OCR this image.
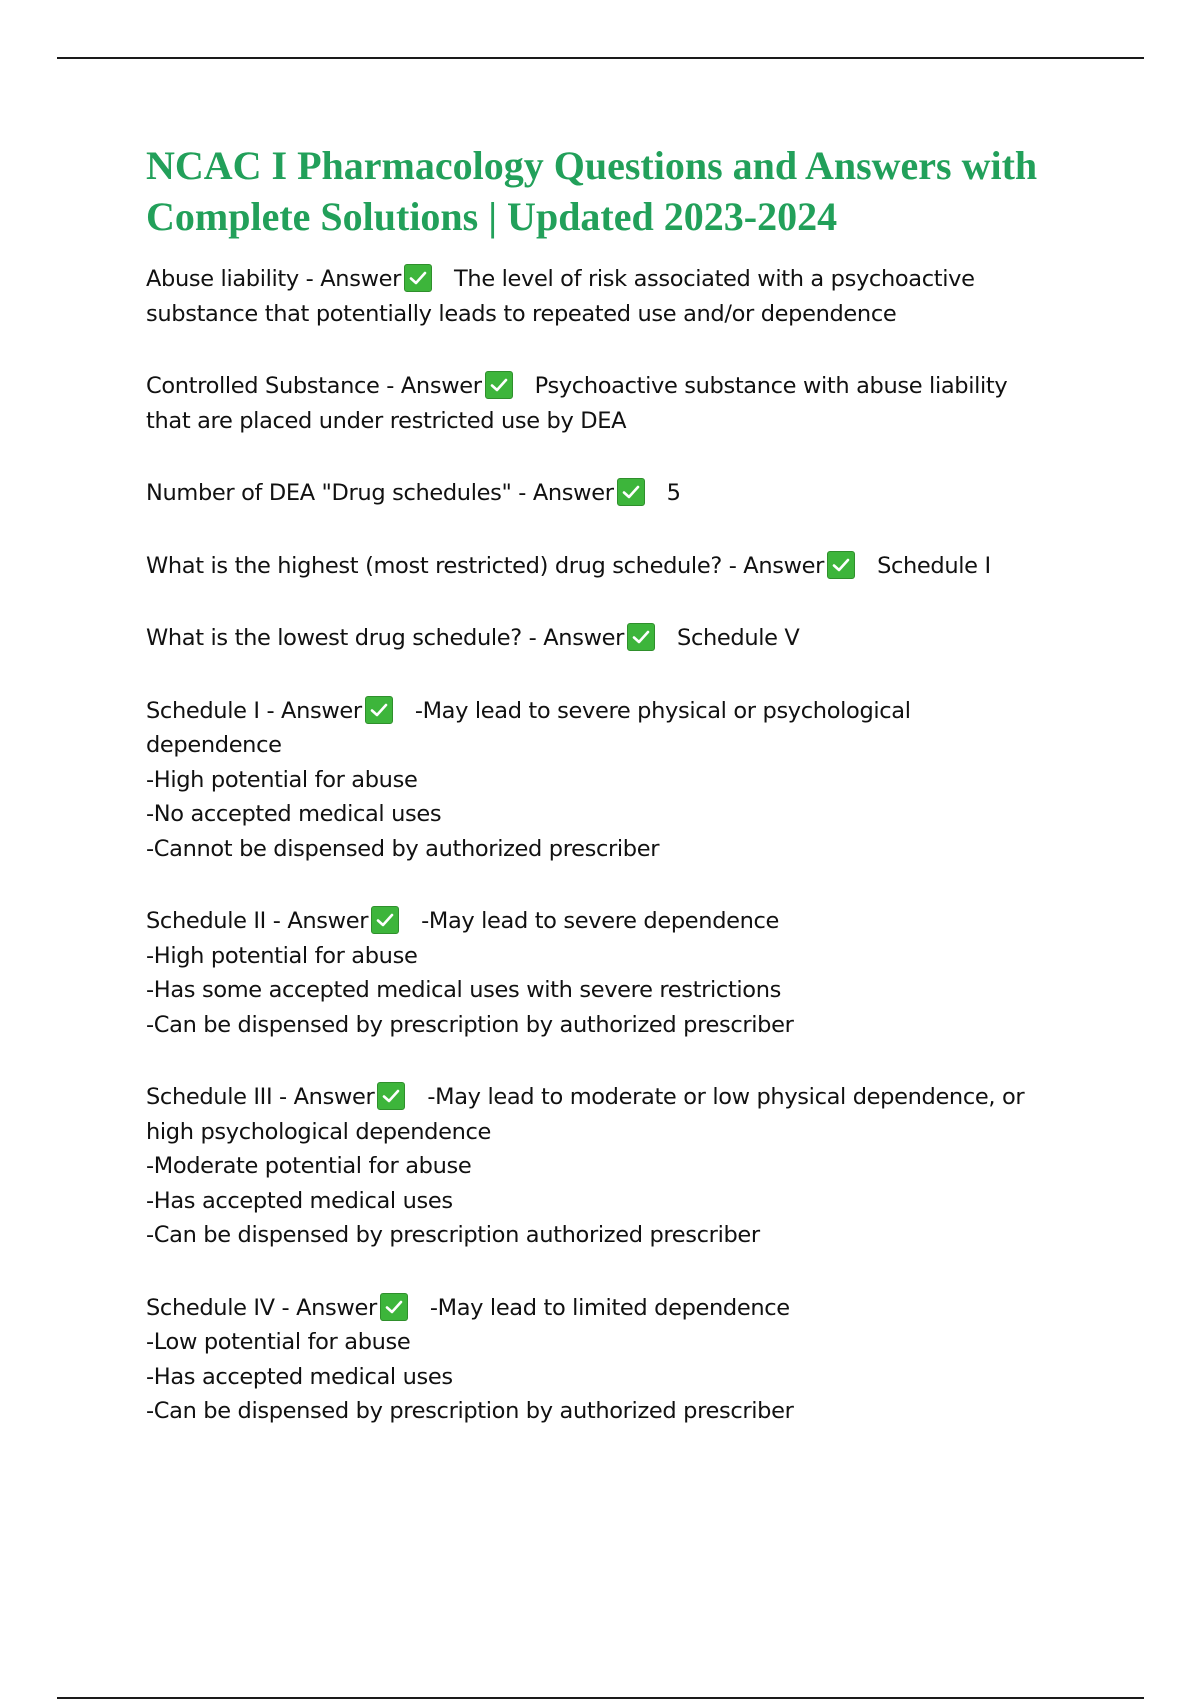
NCAC I Pharmacology Questions and Answers with
Complete Solutions | Updated 2023-2024
Abuse liability - Answer The level of risk associated with a psychoactive
substance that potentially leads to repeated use and/or dependence
Controlled Substance - Answer Psychoactive substance with abuse liability
that are placed under restricted use by DEA
Number of DEA "Drug schedules" - Answer 5
What is the highest (most restricted) drug schedule? - Answer Schedule I
What is the lowest drug schedule? - Answer Schedule V
Schedule I - Answer -May lead to severe physical or psychological
dependence
-High potential for abuse
-No accepted medical uses
-Cannot be dispensed by authorized prescriber
Schedule II - Answer -May lead to severe dependence
-High potential for abuse
-Has some accepted medical uses with severe restrictions
-Can be dispensed by prescription by authorized prescriber
Schedule III - Answer -May lead to moderate or low physical dependence, or
high psychological dependence
-Moderate potential for abuse
-Has accepted medical uses
-Can be dispensed by prescription authorized prescriber
Schedule IV - Answer -May lead to limited dependence
-Low potential for abuse
-Has accepted medical uses
-Can be dispensed by prescription by authorized prescriber
